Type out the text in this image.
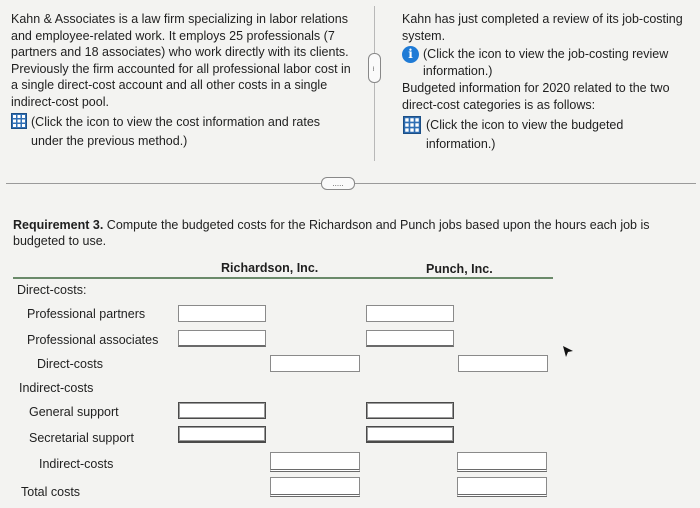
Kahn & Associates is a law firm specializing in labor relations and employee-related work. It employs 25 professionals (7 partners and 18 associates) who work directly with its clients. Previously the firm accounted for all professional labor cost in a single direct-cost account and all other costs in a single indirect-cost pool.
(Click the icon to view the cost information and rates under the previous method.)
.....
Kahn has just completed a review of its job-costing system.
i (Click the icon to view the job-costing review information.)
Budgeted information for 2020 related to the two direct-cost categories is as follows:
(Click the icon to view the budgeted information.)
.....
Requirement 3. Compute the budgeted costs for the Richardson and Punch jobs based upon the hours each job is budgeted to use.
Richardson, Inc.	Punch, Inc.
Direct-costs:
Professional partners
Professional associates
Direct-costs
Indirect-costs
General support
Secretarial support
Indirect-costs
Total costs
